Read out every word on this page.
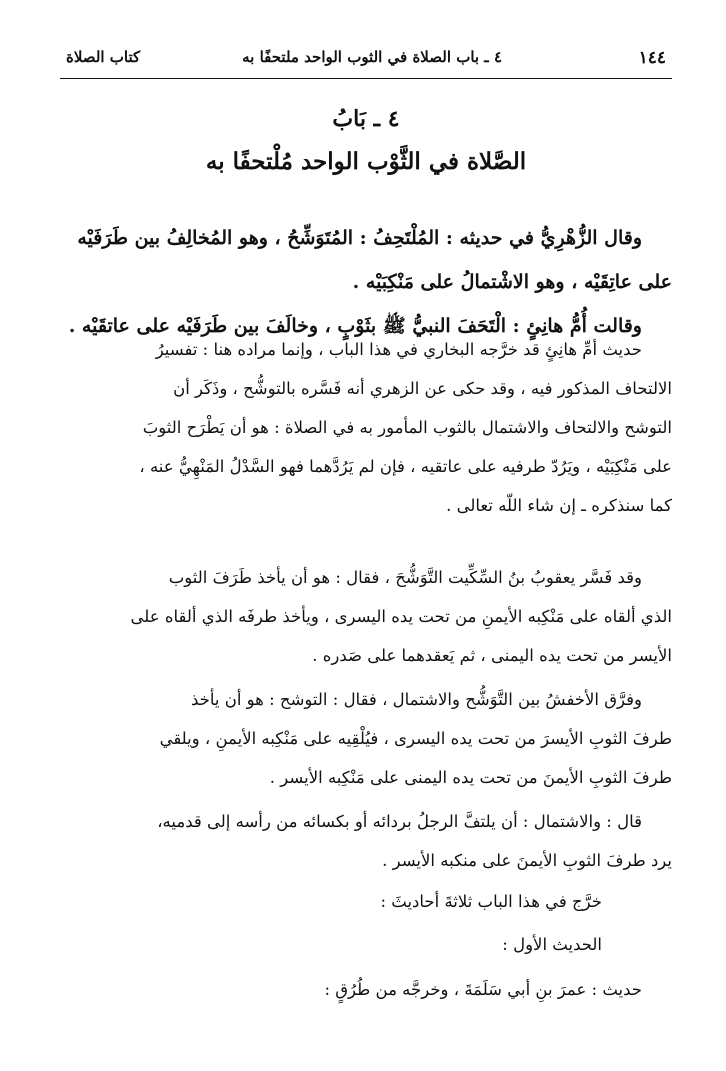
١٤٤
٤ ـ باب الصلاة في الثوب الواحد ملتحفًا به
كتاب الصلاة
٤ ـ بَابُ
الصَّلاة في الثَّوْب الواحد مُلْتحفًا به
وقال الزُّهْرِيُّ في حديثه : المُلْتَحِفُ : المُتَوَشِّحُ ، وهو المُخالِفُ بين طَرَفَيْه
على عاتِقَيْه ، وهو الاشْتمالُ على مَنْكِبَيْه .
وقالت أُمُّ هانِئٍ : الْتَحَفَ النبيُّ ﷺ بثَوْبٍ ، وخالَفَ بين طَرَفَيْه على عاتقَيْه .
حديث أمِّ هانِئٍ قد خرَّجه البخاري في هذا الباب ، وإنما مراده هنا : تفسيرُ
الالتحاف المذكور فيه ، وقد حكى عن الزهري أنه فَسَّره بالتوشُّح ، وذَكَر أن
التوشح والالتحاف والاشتمال بالثوب المأمور به في الصلاة : هو أن يَطْرَح الثوبَ
على مَنْكِبَيْه ، ويَرُدّ طرفيه على عاتقيه ، فإن لم يَرُدَّهما فهو السَّدْلُ المَنْهِيُّ عنه ،
كما سنذكره ـ إن شاء اللّه تعالى .
وقد فَسَّر يعقوبُ بنُ السِّكِّيت التَّوَشُّحَ ، فقال : هو أن يأخذ طَرَفَ الثوب
الذي ألقاه على مَنْكِبه الأيمنِ من تحت يده اليسرى ، ويأخذ طرفَه الذي ألقاه على
الأيسر من تحت يده اليمنى ، ثم يَعقدهما على صَدره .
وفرَّق الأخفشُ بين التَّوَشُّح والاشتمال ، فقال : التوشح : هو أن يأخذ
طرفَ الثوبِ الأيسرَ من تحت يده اليسرى ، فيُلْقِيه على مَنْكِبه الأيمنِ ، ويلقي
طرفَ الثوبِ الأيمنَ من تحت يده اليمنى على مَنْكِبه الأيسر .
قال : والاشتمال : أن يلتفَّ الرجلُ بردائه أو بكسائه من رأسه إلى قدميه،
يرد طرفَ الثوبِ الأيمنَ على منكبه الأيسر .
خرَّج في هذا الباب ثلاثةَ أحاديثَ :
الحديث الأول :
حديث : عمرَ بنِ أبي سَلَمَةَ ، وخرجَّه من طُرُقٍ :
